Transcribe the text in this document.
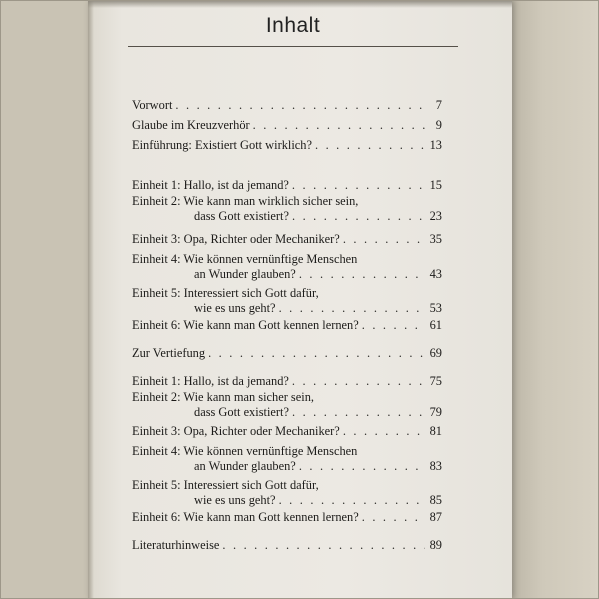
Inhalt
Vorwort . . .	7
Glaube im Kreuzverhör . . .	9
Einführung: Existiert Gott wirklich? . . .	13
Einheit 1: Hallo, ist da jemand? . . .	15
Einheit 2: Wie kann man wirklich sicher sein,
dass Gott existiert? . . .	23
Einheit 3: Opa, Richter oder Mechaniker? . . .	35
Einheit 4: Wie können vernünftige Menschen
an Wunder glauben? . . .	43
Einheit 5: Interessiert sich Gott dafür,
wie es uns geht? . . .	53
Einheit 6: Wie kann man Gott kennen lernen? . . .	61
Zur Vertiefung . . .	69
Einheit 1: Hallo, ist da jemand? . . .	75
Einheit 2: Wie kann man sicher sein,
dass Gott existiert? . . .	79
Einheit 3: Opa, Richter oder Mechaniker? . . .	81
Einheit 4: Wie können vernünftige Menschen
an Wunder glauben? . . .	83
Einheit 5: Interessiert sich Gott dafür,
wie es uns geht? . . .	85
Einheit 6: Wie kann man Gott kennen lernen? . . .	87
Literaturhinweise . . .	89
